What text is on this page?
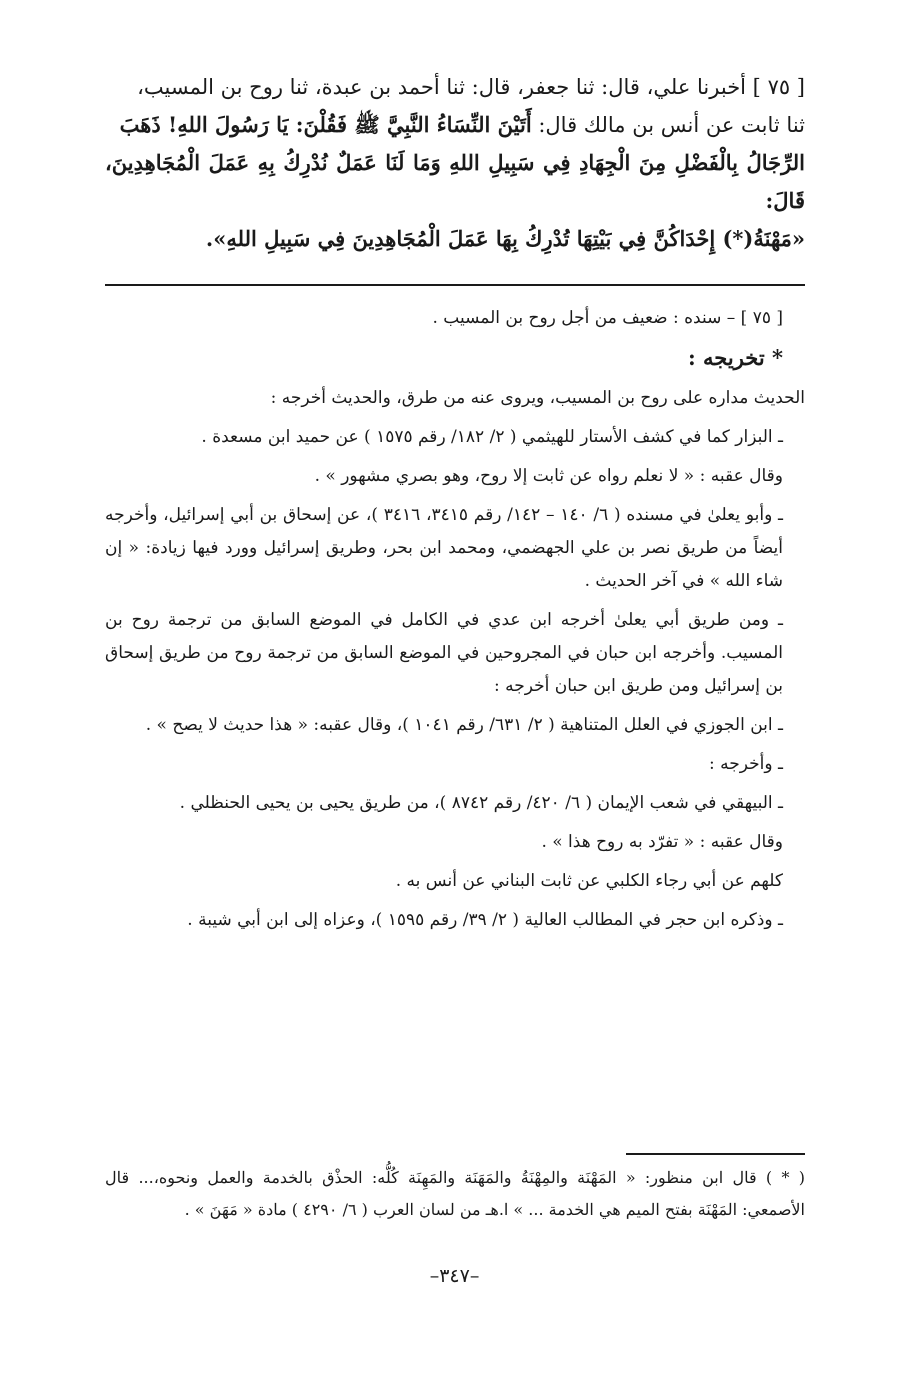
[ ٧٥ ] أخبرنا علي، قال: ثنا جعفر، قال: ثنا أحمد بن عبدة، ثنا روح بن المسيب،
ثنا ثابت عن أنس بن مالك قال: أَتَيْنَ النِّسَاءُ النَّبِيَّ ﷺ فَقُلْنَ: يَا رَسُولَ اللهِ! ذَهَبَ
الرِّجَالُ بِالْفَضْلِ مِنَ الْجِهَادِ فِي سَبِيلِ اللهِ وَمَا لَنَا عَمَلٌ نُدْرِكُ بِهِ عَمَلَ الْمُجَاهِدِينَ، قَالَ:
«مَهْنَةُ(*) إِحْدَاكُنَّ فِي بَيْتِهَا تُدْرِكُ بِهَا عَمَلَ الْمُجَاهِدِينَ فِي سَبِيلِ اللهِ».

[ ٧٥ ] – سنده : ضعيف من أجل روح بن المسيب .

* تخريجه :

الحديث مداره على روح بن المسيب، ويروى عنه من طرق، والحديث أخرجه :

ـ البزار كما في كشف الأستار للهيثمي ( ٢/ ١٨٢/ رقم ١٥٧٥ ) عن حميد ابن مسعدة .

وقال عقبه : « لا نعلم رواه عن ثابت إلا روح، وهو بصري مشهور » .

ـ وأبو يعلىٰ في مسنده ( ٦/ ١٤٠ – ١٤٢/ رقم ٣٤١٥، ٣٤١٦ )، عن إسحاق بن أبي إسرائيل، وأخرجه أيضاً من طريق نصر بن علي الجهضمي، ومحمد ابن بحر، وطريق إسرائيل وورد فيها زيادة: « إن شاء الله » في آخر الحديث .

ـ ومن طريق أبي يعلىٰ أخرجه ابن عدي في الكامل في الموضع السابق من ترجمة روح بن المسيب. وأخرجه ابن حبان في المجروحين في الموضع السابق من ترجمة روح من طريق إسحاق بن إسرائيل ومن طريق ابن حبان أخرجه :

ـ ابن الجوزي في العلل المتناهية ( ٢/ ٦٣١/ رقم ١٠٤١ )، وقال عقبه: « هذا حديث لا يصح » .

ـ وأخرجه :

ـ البيهقي في شعب الإيمان ( ٦/ ٤٢٠/ رقم ٨٧٤٢ )، من طريق يحيى بن يحيى الحنظلي .

وقال عقبه : « تفرّد به روح هذا » .

كلهم عن أبي رجاء الكلبي عن ثابت البناني عن أنس به .

ـ وذكره ابن حجر في المطالب العالية ( ٢/ ٣٩/ رقم ١٥٩٥ )، وعزاه إلى ابن أبي شيبة .

( * ) قال ابن منظور: « المَهْنَة والمِهْنَةُ والمَهَنَة والمَهِنَة كُلُّه: الحذْق بالخدمة والعمل ونحوه،... قال الأصمعي: المَهْنَة بفتح الميم هي الخدمة ... » ا.هـ من لسان العرب ( ٦/ ٤٢٩٠ ) مادة « مَهَنَ » .

–٣٤٧–
